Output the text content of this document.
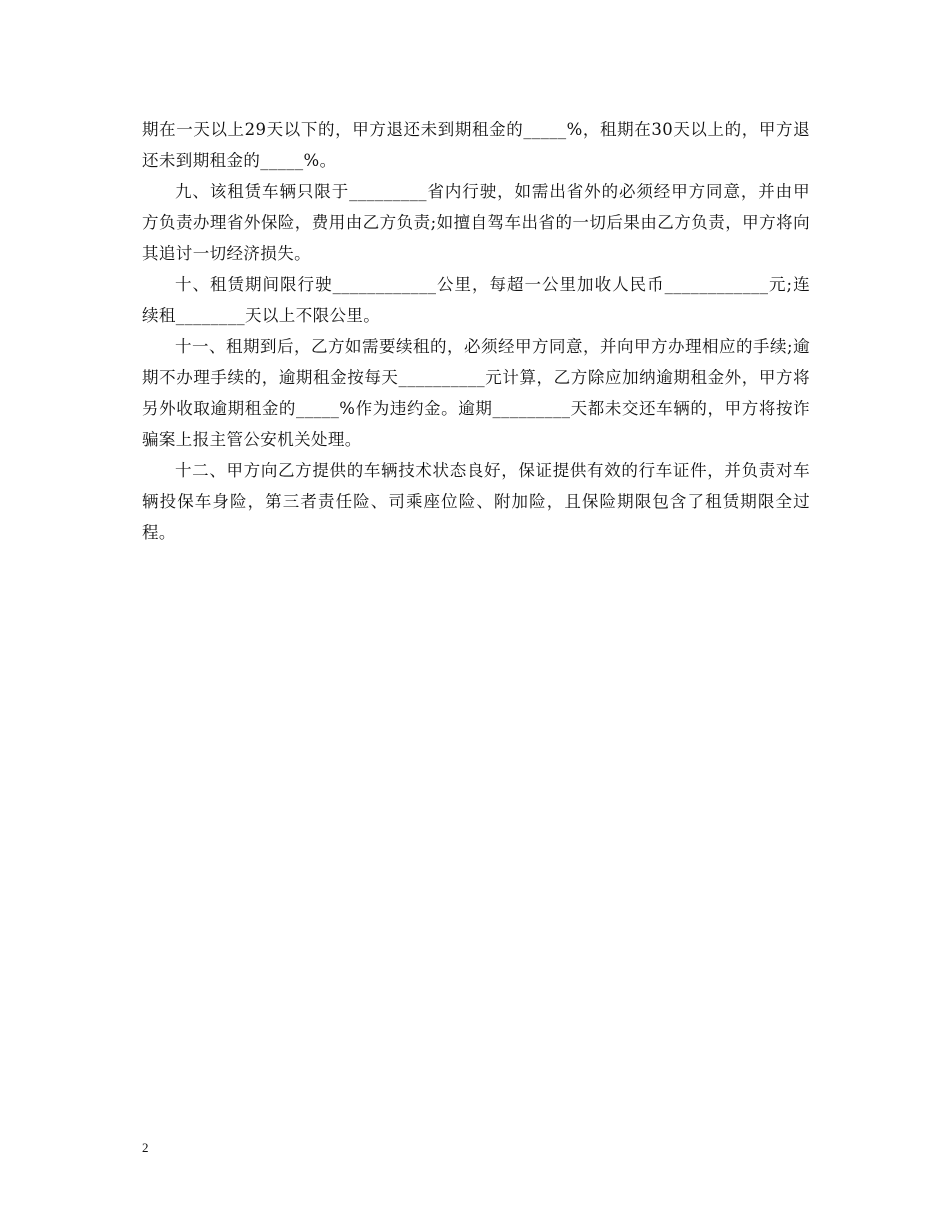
期在一天以上29天以下的，甲方退还未到期租金的_____%，租期在30天以上的，甲方退还未到期租金的_____%。

九、该租赁车辆只限于_________省内行驶，如需出省外的必须经甲方同意，并由甲方负责办理省外保险，费用由乙方负责;如擅自驾车出省的一切后果由乙方负责，甲方将向其追讨一切经济损失。

十、租赁期间限行驶____________公里，每超一公里加收人民币____________元;连续租________天以上不限公里。

十一、租期到后，乙方如需要续租的，必须经甲方同意，并向甲方办理相应的手续;逾期不办理手续的，逾期租金按每天__________元计算，乙方除应加纳逾期租金外，甲方将另外收取逾期租金的_____%作为违约金。逾期_________天都未交还车辆的，甲方将按诈骗案上报主管公安机关处理。

十二、甲方向乙方提供的车辆技术状态良好，保证提供有效的行车证件，并负责对车辆投保车身险，第三者责任险、司乘座位险、附加险，且保险期限包含了租赁期限全过程。

2
